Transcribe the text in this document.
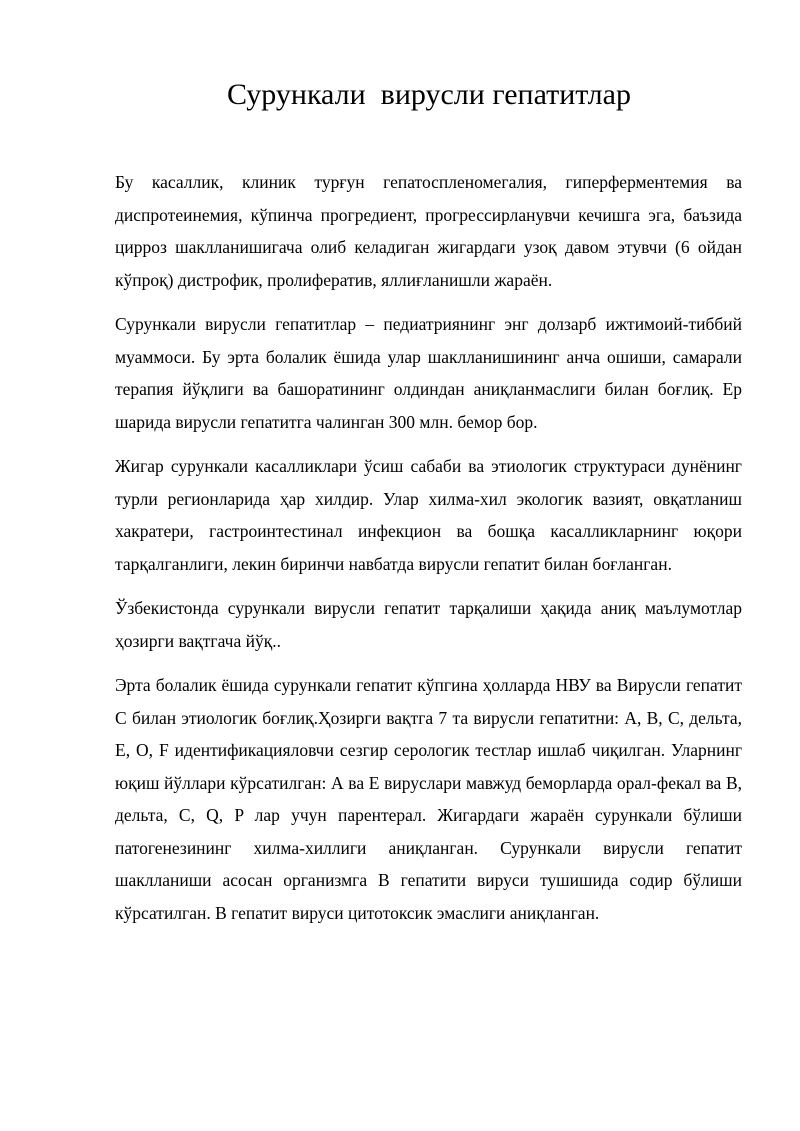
Сурункали  вирусли гепатитлар

Бу касаллик, клиник турғун гепатоспленомегалия, гиперферментемия ва диспротеинемия, кўпинча прогредиент, прогрессирланувчи кечишга эга, баъзида цирроз шаклланишигача олиб келадиган жигардаги узоқ давом этувчи (6 ойдан кўпроқ) дистрофик, пролифератив, яллиғланишли жараён.

Сурункали вирусли гепатитлар – педиатриянинг энг долзарб ижтимоий-тиббий муаммоси. Бу эрта болалик ёшида улар шаклланишининг анча ошиши, самарали терапия йўқлиги ва башоратининг олдиндан аниқланмаслиги билан боғлиқ. Ер шарида вирусли гепатитга чалинган 300 млн. бемор бор.

Жигар сурункали касалликлари ўсиш сабаби ва этиологик структураси дунёнинг турли регионларида ҳар хилдир. Улар хилма-хил экологик вазият, овқатланиш хакратери, гастроинтестинал инфекцион ва бошқа касалликларнинг юқори тарқалганлиги, лекин биринчи навбатда вирусли гепатит билан боғланган.

Ўзбекистонда сурункали вирусли гепатит тарқалиши ҳақида аниқ маълумотлар ҳозирги вақтгача йўқ..

Эрта болалик ёшида сурункали гепатит кўпгина ҳолларда НВУ ва Вирусли гепатит С билан этиологик боғлиқ.Ҳозирги вақтга 7 та вирусли гепатитни: А, В, С, дельта, Е, О, F идентификацияловчи сезгир серологик тестлар ишлаб чиқилган. Уларнинг юқиш йўллари кўрсатилган: А ва Е вируслари мавжуд беморларда орал-фекал ва В, дельта, С, Q, P лар учун парентерал. Жигардаги жараён сурункали бўлиши патогенезининг хилма-хиллиги аниқланган. Сурункали вирусли гепатит шаклланиши асосан организмга В гепатити вируси тушишида содир бўлиши кўрсатилган. В гепатит вируси цитотоксик эмаслиги аниқланган.
